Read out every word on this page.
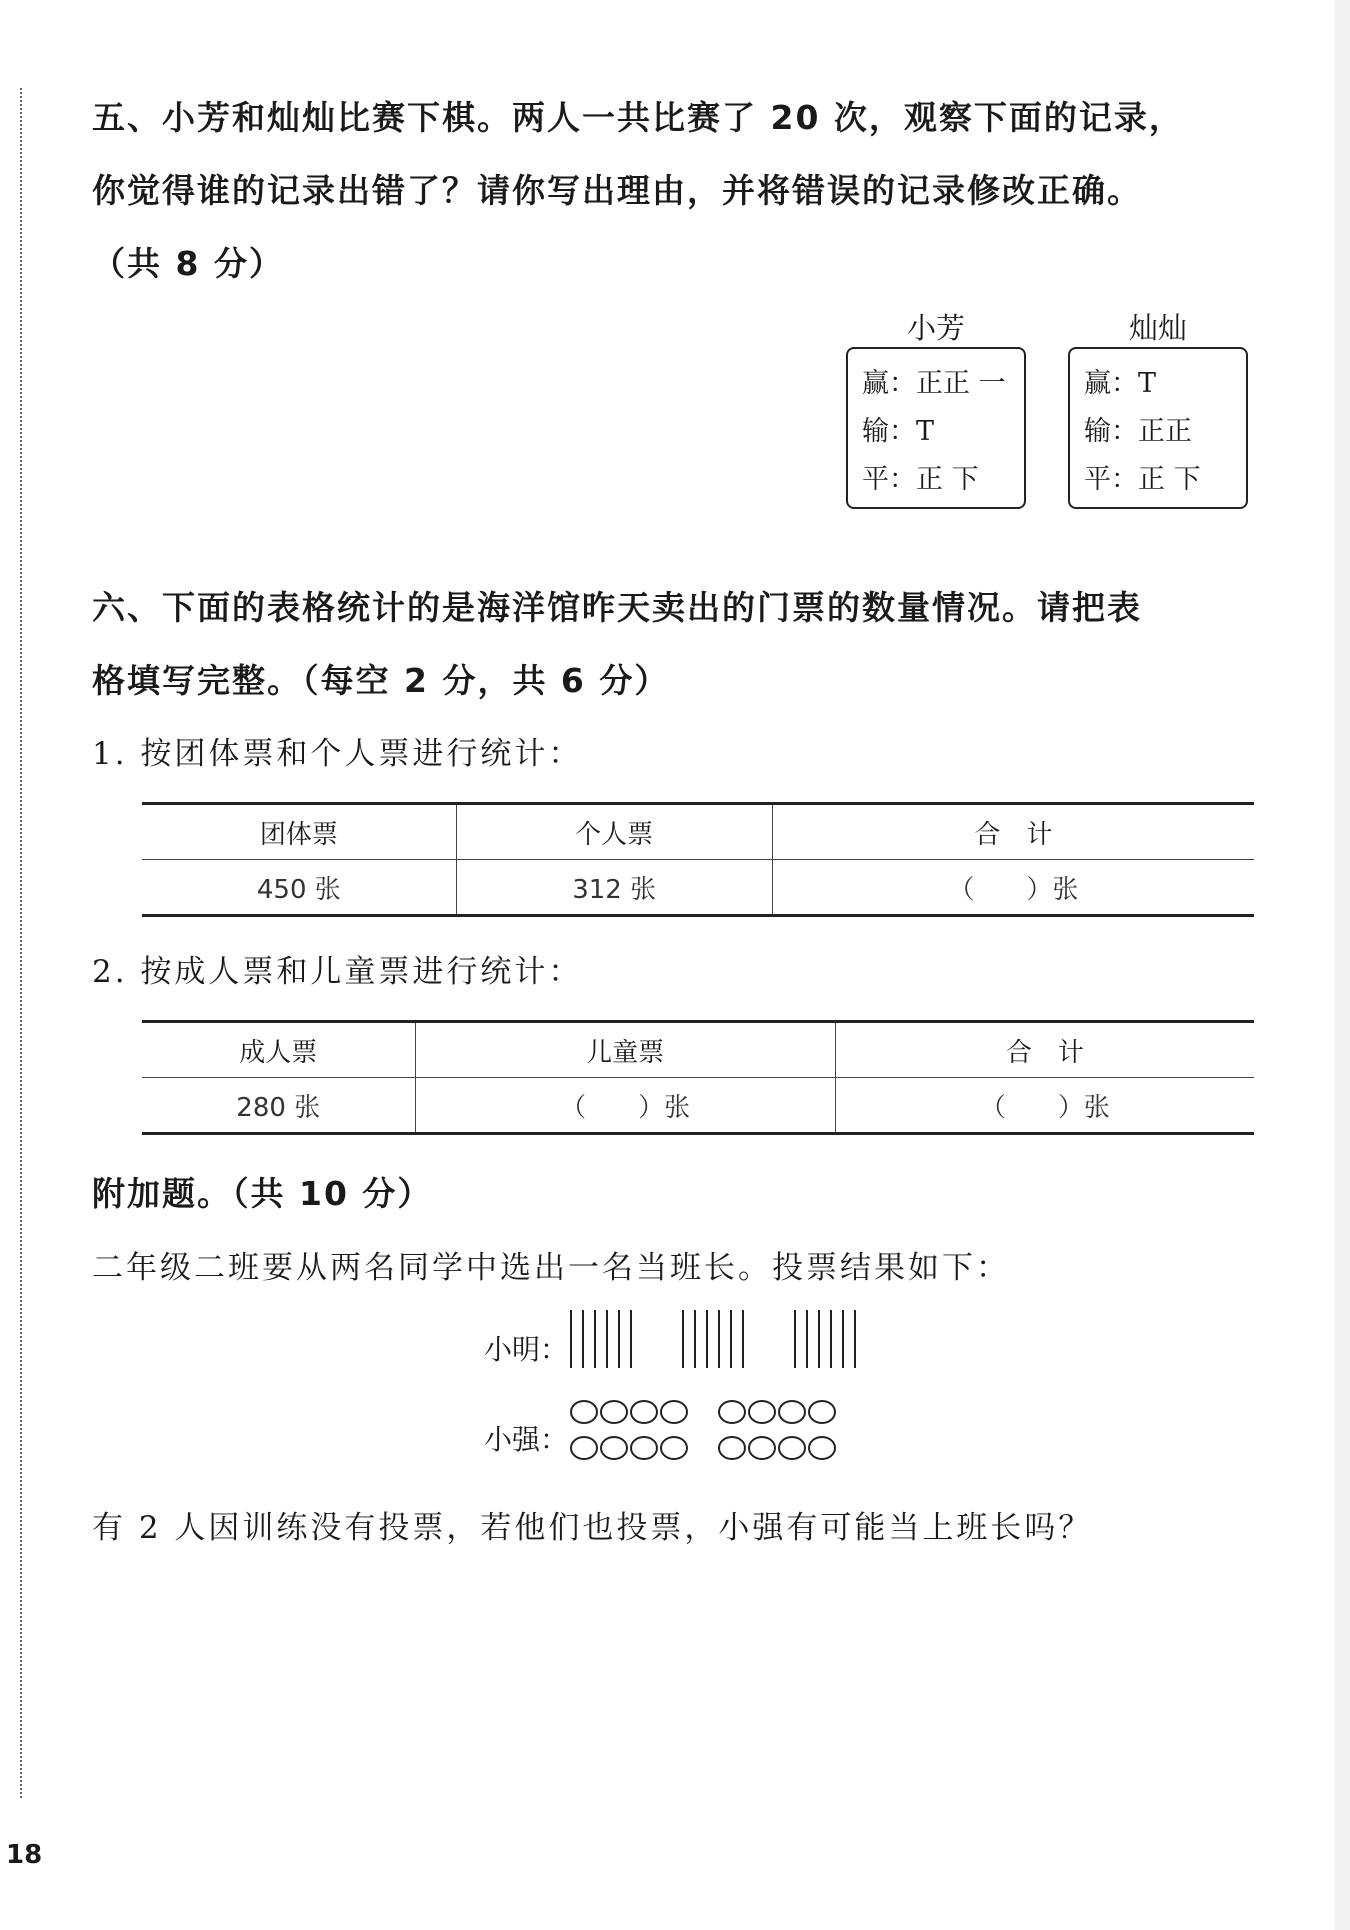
五、小芳和灿灿比赛下棋。两人一共比赛了 20 次，观察下面的记录，
你觉得谁的记录出错了？请你写出理由，并将错误的记录修改正确。
（共 8 分）
小芳
赢：正正 一
输：T
平：正 下
灿灿
赢：T
输：正正
平：正 下
六、下面的表格统计的是海洋馆昨天卖出的门票的数量情况。请把表
格填写完整。（每空 2 分，共 6 分）
1. 按团体票和个人票进行统计：
团体票	个人票	合　计
450 张	312 张	（　　）张
2. 按成人票和儿童票进行统计：
成人票	儿童票	合　计
280 张	（　　）张	（　　）张
附加题。（共 10 分）
二年级二班要从两名同学中选出一名当班长。投票结果如下：
小明：
小强：
有 2 人因训练没有投票，若他们也投票，小强有可能当上班长吗？
18
